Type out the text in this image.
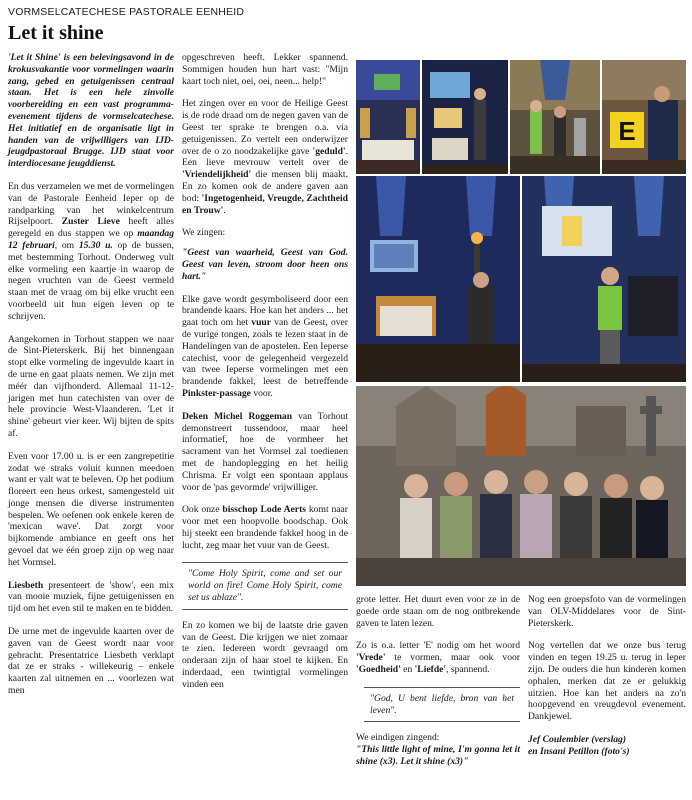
VORMSELCATECHESE PASTORALE EENHEID
Let it shine

'Let it Shine' is een belevingsavond in de krokusvakantie voor vormelingen waarin zang, gebed en getuigenissen centraal staan. Het is een hele zinvolle voorbereiding en een vast programma-evenement tijdens de vormselcatechese. Het initiatief en de organisatie ligt in handen van de vrijwilligers van IJD-jeugdpastoraal Brugge. IJD staat voor interdiocesane jeugddienst.

En dus verzamelen we met de vormelingen van de Pastorale Eenheid Ieper op de randparking van het winkelcentrum Rijselpoort. Zuster Lieve heeft alles geregeld en dus stappen we op maandag 12 februari, om 15.30 u. op de bussen, met bestemming Torhout. Onderweg vult elke vormeling een kaartje in waarop de negen vruchten van de Geest vermeld staan met de vraag om bij elke vrucht een voorbeeld uit hun eigen leven op te schrijven.

Aangekomen in Torhout stappen we naar de Sint-Pieterskerk. Bij het binnengaan stopt elke vormeling de ingevulde kaart in de urne en gaat plaats nemen. We zijn met méér dan vijfhonderd. Allemaal 11-12-jarigen met hun catechisten van over de hele provincie West-Vlaanderen. 'Let it shine' gebeurt vier keer. Wij bijten de spits af.

Even voor 17.00 u. is er een zangrepetitie zodat we straks voluit kunnen meedoen want er valt wat te beleven. Op het podium floreert een heus orkest, samengesteld uit jonge mensen die diverse instrumenten bespelen. We oefenen ook enkele keren de 'mexican wave'. Dat zorgt voor bijkomende ambiance en geeft ons het gevoel dat we één groep zijn op weg naar het Vormsel.

Liesbeth presenteert de 'show', een mix van mooie muziek, fijne getuigenissen en tijd om het even stil te maken en te bidden.

De urne met de ingevulde kaarten over de gaven van de Geest wordt naar voor gebracht. Presentatrice Liesbeth verklapt dat ze er straks - willekeurig – enkele kaarten zal uitnemen en ... voorlezen wat men

opgeschreven heeft. Lekker spannend. Sommigen houden hun hart vast: "Mijn kaart toch niet, oei, oei, neen... help!"

Het zingen over en voor de Heilige Geest is de rode draad om de negen gaven van de Geest ter sprake te brengen o.a. via getuigenissen. Zo vertelt een onderwijzer over de o zo noodzakelijke gave 'geduld'. Een lieve mevrouw vertelt over de 'Vriendelijkheid' die mensen blij maakt. En zo komen ook de andere gaven aan bod: 'Ingetogenheid, Vreugde, Zachtheid en Trouw'.

We zingen:

"Geest van waarheid, Geest van God. Geest van leven, stroom door heen ons hart."

Elke gave wordt gesymboliseerd door een brandende kaars. Hoe kan het anders ... het gaat toch om het vuur van de Geest, over de vurige tongen, zoals te lezen staat in de Handelingen van de apostelen. Een Ieperse catechist, voor de gelegenheid vergezeld van twee Ieperse vormelingen met een brandende fakkel, leest de betreffende Pinkster-passage voor.

Deken Michel Roggeman van Torhout demonstreert tussendoor, maar heel informatief, hoe de vormheer het sacrament van het Vormsel zal toedienen met de handoplegging en het heilig Chrisma. Er volgt een spontaan applaus voor de 'pas gevormde' vrijwilliger.

Ook onze bisschop Lode Aerts komt naar voor met een hoopvolle boodschap. Ook hij steekt een brandende fakkel hoog in de lucht, zeg maar het vuur van de Geest.

"Come Holy Spirit, come and set our world on fire! Come Holy Spirit, come set us ablaze".

En zo komen we bij de laatste drie gaven van de Geest. Die krijgen we niet zomaar te zien. Iedereen wordt gevraagd om onderaan zijn of haar stoel te kijken. En inderdaad, een twintigtal vormelingen vinden een

grote letter. Het duurt even voor ze in de goede orde staan om de nog ontbrekende gaven te laten lezen.

Zo is o.a. letter 'E' nodig om het woord 'Vrede' te vormen, maar ook voor 'Goedheid' en 'Liefde', spannend.

"God, U bent liefde, bron van het leven".

We eindigen zingend:

"This little light of mine, I'm gonna let it shine (x3). Let it shine (x3)"

Nog een groepsfoto van de vormelingen van OLV-Middelares voor de Sint-Pieterskerk.

Nog vertellen dat we onze bus terug vinden en tegen 19.25 u. terug in Ieper zijn. De ouders die hun kinderen komen ophalen, merken dat ze er gelukkig uitzien. Hoe kan het anders na zo'n hoopgevend en vreugdevol evenement. Dankjewel.

Jef Coulembier (verslag)
en Insani Petillon (foto's)

E
